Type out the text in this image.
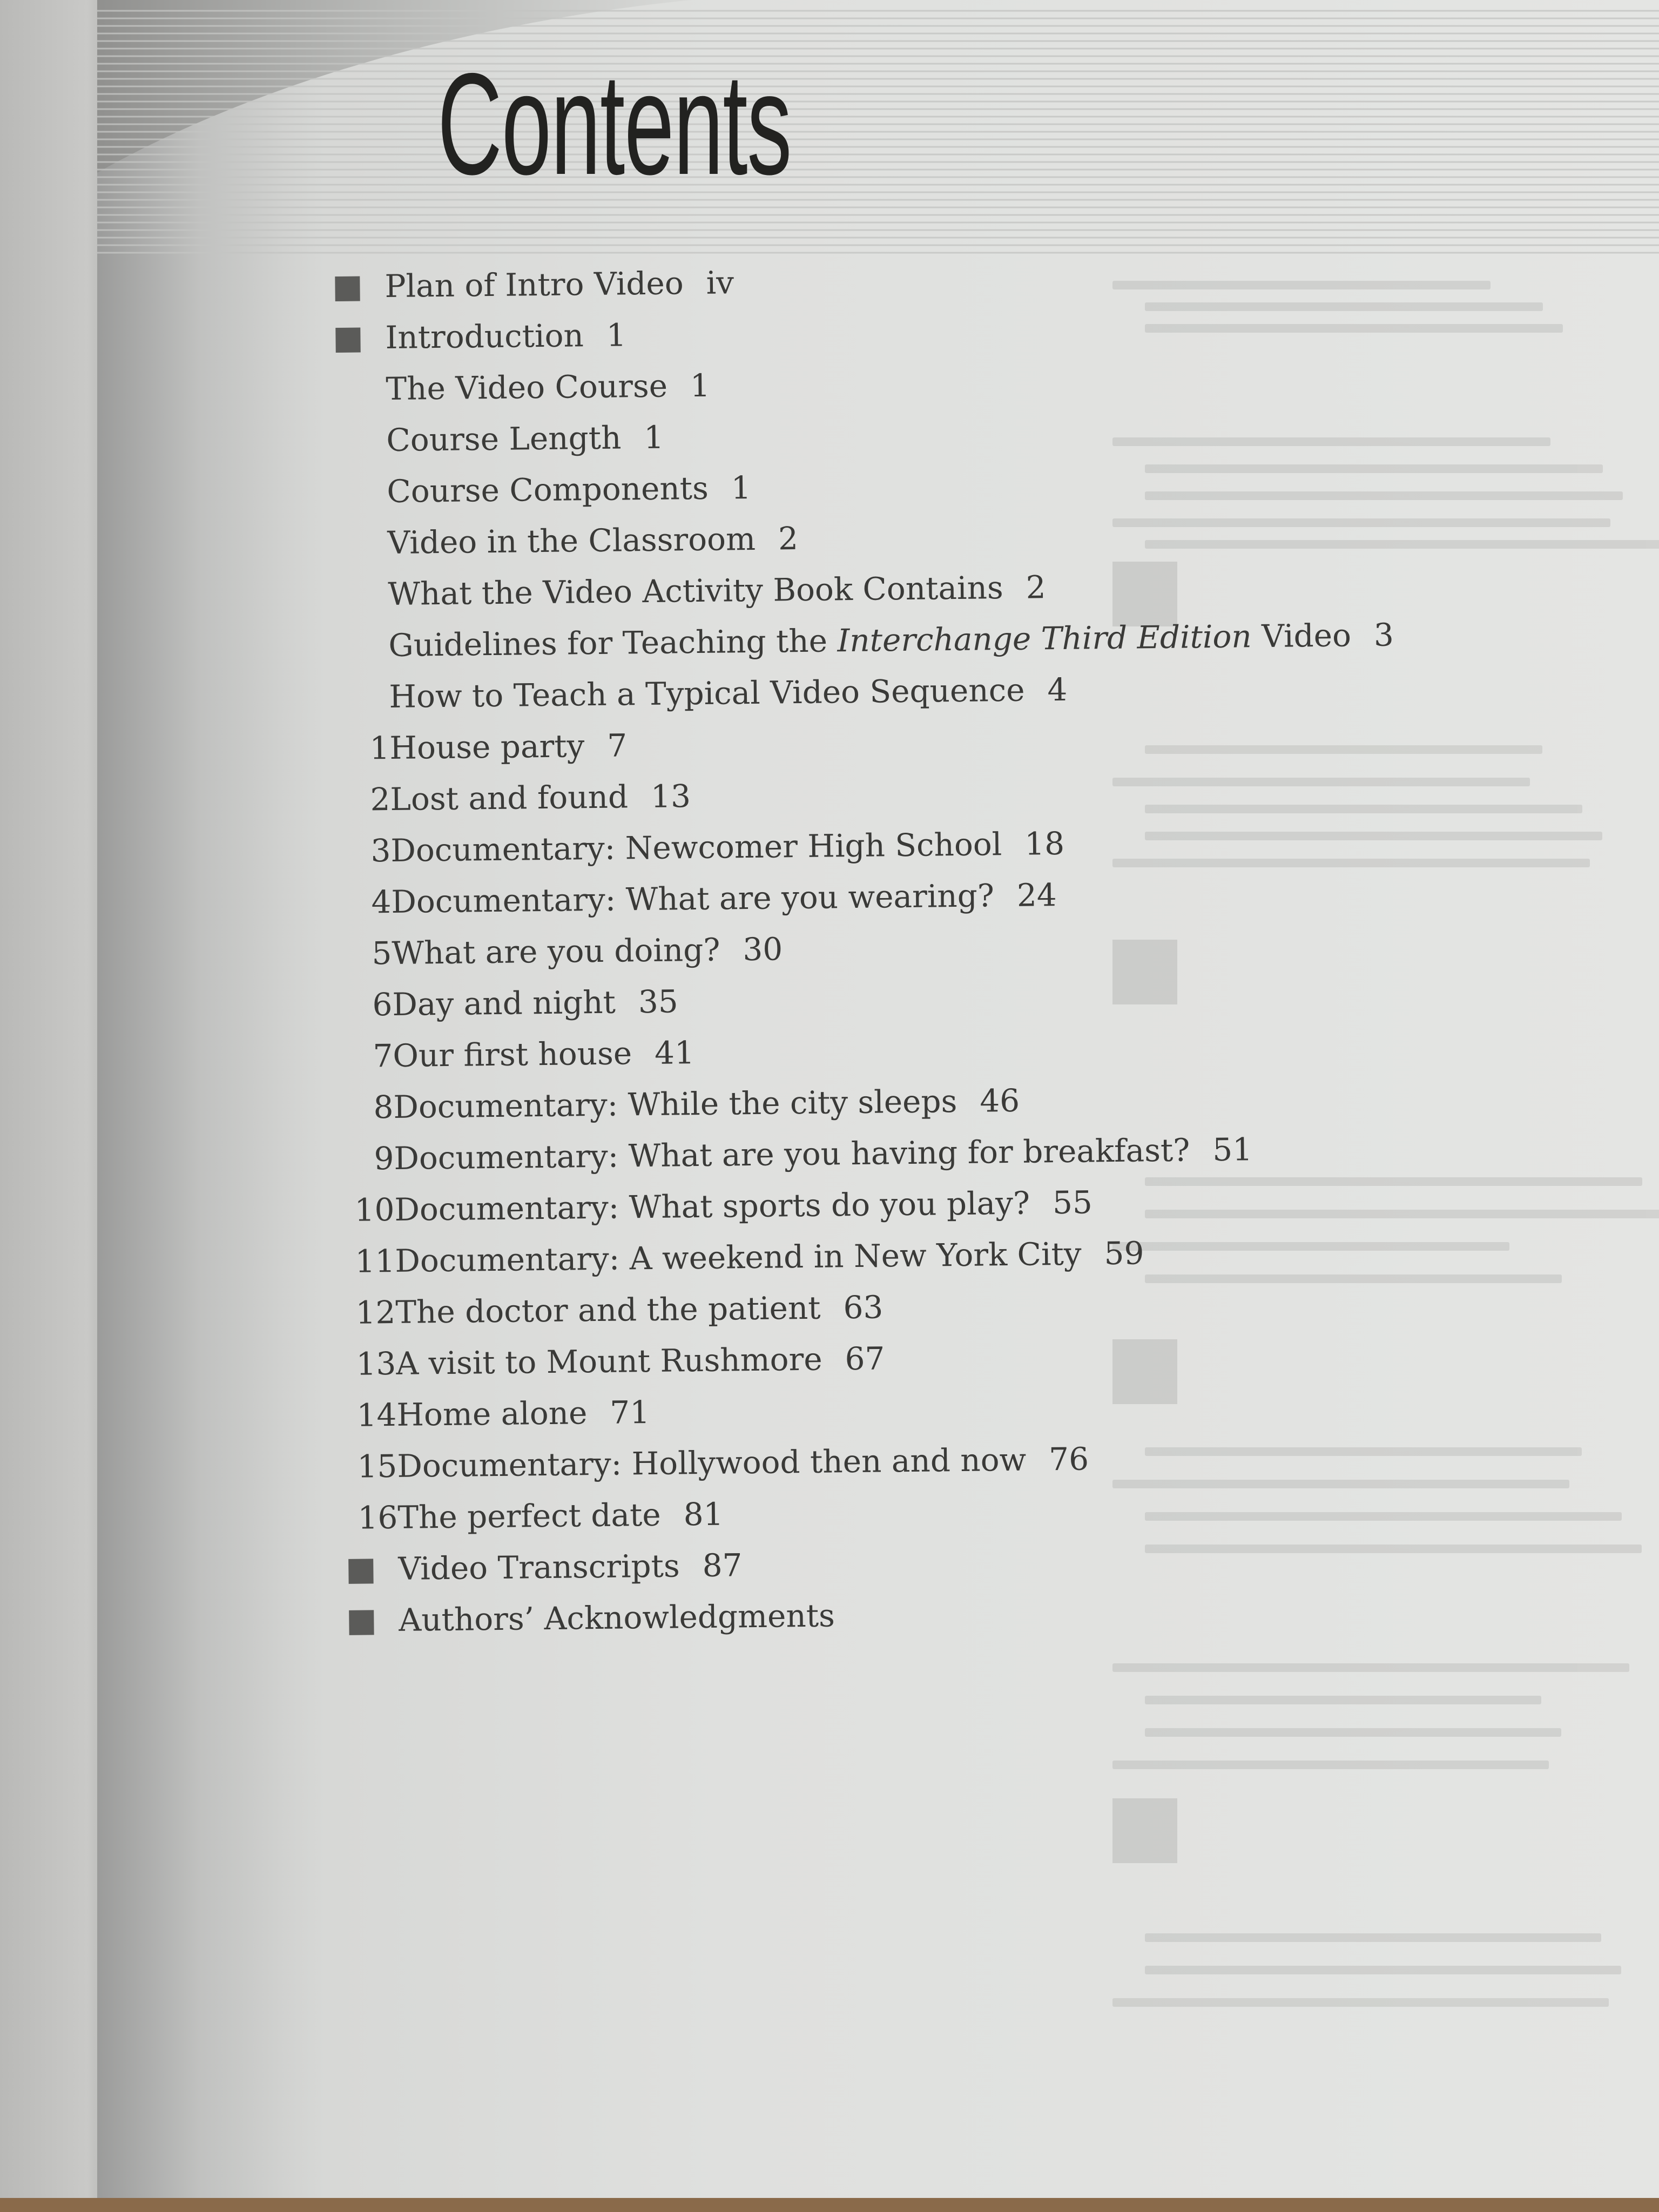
Contents
Plan of Intro Video iv
Introduction 1
The Video Course 1
Course Length 1
Course Components 1
Video in the Classroom 2
What the Video Activity Book Contains 2
Guidelines for Teaching the Interchange Third Edition Video 3
How to Teach a Typical Video Sequence 4
1 House party 7
2 Lost and found 13
3 Documentary: Newcomer High School 18
4 Documentary: What are you wearing? 24
5 What are you doing? 30
6 Day and night 35
7 Our first house 41
8 Documentary: While the city sleeps 46
9 Documentary: What are you having for breakfast? 51
10 Documentary: What sports do you play? 55
11 Documentary: A weekend in New York City 59
12 The doctor and the patient 63
13 A visit to Mount Rushmore 67
14 Home alone 71
15 Documentary: Hollywood then and now 76
16 The perfect date 81
Video Transcripts 87
Authors’ Acknowledgments
